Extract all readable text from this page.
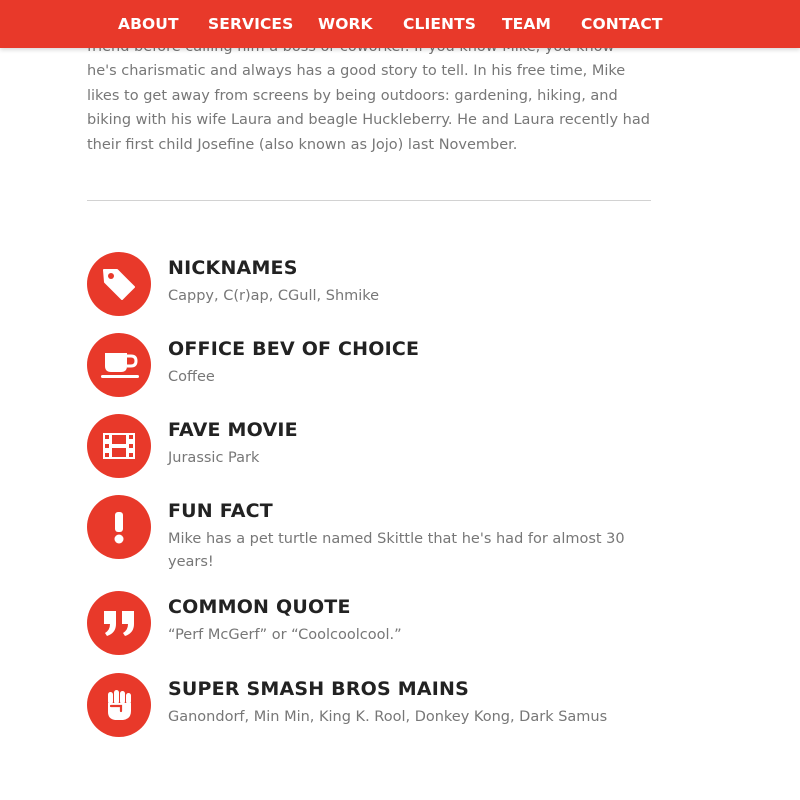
ABOUT SERVICES WORK CLIENTS TEAM CONTACT

he's charismatic and always has a good story to tell. In his free time, Mike likes to get away from screens by being outdoors: gardening, hiking, and biking with his wife Laura and beagle Huckleberry. He and Laura recently had their first child Josefine (also known as Jojo) last November.

NICKNAMES
Cappy, C(r)ap, CGull, Shmike
OFFICE BEV OF CHOICE
Coffee
FAVE MOVIE
Jurassic Park
FUN FACT
Mike has a pet turtle named Skittle that he's had for almost 30 years!
COMMON QUOTE
“Perf McGerf” or “Coolcoolcool.”
SUPER SMASH BROS MAINS
Ganondorf, Min Min, King K. Rool, Donkey Kong, Dark Samus
